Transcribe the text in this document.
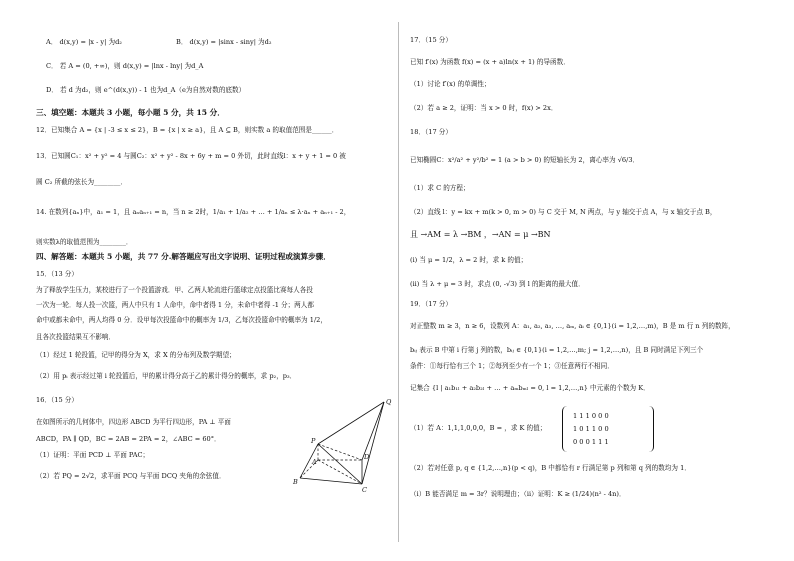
A． d(x,y) = |x - y| 为d₂	B． d(x,y) = |sinx - siny| 为d₂
C． 若 A = (0, +∞)，则 d(x,y) = |lnx - lny| 为d_A
D． 若 d 为d₂，则 e^(d(x,y)) - 1 也为d_A（e为自然对数的底数）
三、填空题：本题共 3 小题，每小题 5 分，共 15 分．
12．已知集合 A = {x | -3 ≤ x ≤ 2}，B = {x | x ≥ a}，且 A ⊆ B，则实数 a 的取值范围是______．
13．已知圆C₁：x² + y² = 4 与圆C₂：x² + y² - 8x + 6y + m = 0 外切，此时直线l：x + y + 1 = 0 被
圆 C₂ 所截的弦长为________．
14. 在数列{aₙ}中，a₁ = 1，且 aₙaₙ₊₁ = n，当 n ≥ 2时，1/a₁ + 1/a₂ + … + 1/aₙ ≤ λ·aₙ + aₙ₊₁ - 2，
则实数λ的取值范围为________．
四、解答题：本题共 5 小题，共 77 分.解答题应写出文字说明、证明过程或演算步骤．
15．（13 分）
为了释放学生压力，某校进行了一个投篮游戏．甲、乙两人轮流进行篮球定点投篮比赛每人各投
一次为一轮．每人投一次篮，两人中只有 1 人命中，命中者得 1 分，未命中者得 -1 分；两人都
命中或都未命中，两人均得 0 分．设甲每次投篮命中的概率为 1/3，乙每次投篮命中的概率为 1/2，
且各次投篮结果互不影响．
（1）经过 1 轮投篮，记甲的得分为 X，求 X 的分布列及数学期望；
（2）用 pᵢ 表示经过第 i 轮投篮后，甲的累计得分高于乙的累计得分的概率，求 p₂，p₃．
16．（15 分）
在如图所示的几何体中，四边形 ABCD 为平行四边形，PA ⊥ 平面
ABCD，PA ∥ QD，BC = 2AB = 2PA = 2，∠ABC = 60°．
（1）证明：平面 PCD ⊥ 平面 PAC；
（2）若 PQ = 2√2，求平面 PCQ 与平面 DCQ 夹角的余弦值．
Q
P
D
A
B
C
17．（15 分）
已知 f′(x) 为函数 f(x) = (x + a)ln(x + 1) 的导函数．
（1）讨论 f′(x) 的单调性；
（2）若 a ≥ 2，证明：当 x > 0 时，f(x) > 2x．
18．（17 分）
已知椭圆C：x²/a² + y²/b² = 1 (a > b > 0) 的短轴长为 2，离心率为 √6/3．
（1）求 C 的方程；
（2）直线 l：y = kx + m(k > 0, m > 0) 与 C 交于 M, N 两点，与 y 轴交于点 A，与 x 轴交于点 B，
且 →AM = λ →BM ，→AN = μ →BN
(i) 当 μ = 1/2，λ = 2 时，求 k 的值；
(ii) 当 λ + μ = 3 时，求点 (0, -√3) 到 l 的距离的最大值．
19．（17 分）
对正整数 m ≥ 3，n ≥ 6，设数列 A：a₁, a₂, a₃, …, aₘ, aᵢ ∈ {0,1}(i = 1,2,…,m)，B 是 m 行 n 列的数阵，
bᵢⱼ 表示 B 中第 i 行第 j 列的数，bᵢⱼ ∈ {0,1}(i = 1,2,…,m; j = 1,2,…,n)，且 B 同时满足下列三个
条件：①每行恰有三个 1；②每列至少有一个 1；③任意两行不相同．
记集合 {l | a₁b₁ₗ + a₂b₂ₗ + … + aₘbₘₗ = 0, l = 1,2,…,n} 中元素的个数为 K．
（1）若 A：1,1,1,0,0,0，B = ，求 K 的值；
1 1 1 0 0 0
1 0 1 1 0 0
0 0 0 1 1 1
（2）若对任意 p, q ∈ {1,2,…,n}(p < q)，B 中都恰有 r 行满足第 p 列和第 q 列的数均为 1．
（i）B 能否满足 m = 3r？说明理由；（ii）证明：K ≥ (1/24)(n² - 4n)．
